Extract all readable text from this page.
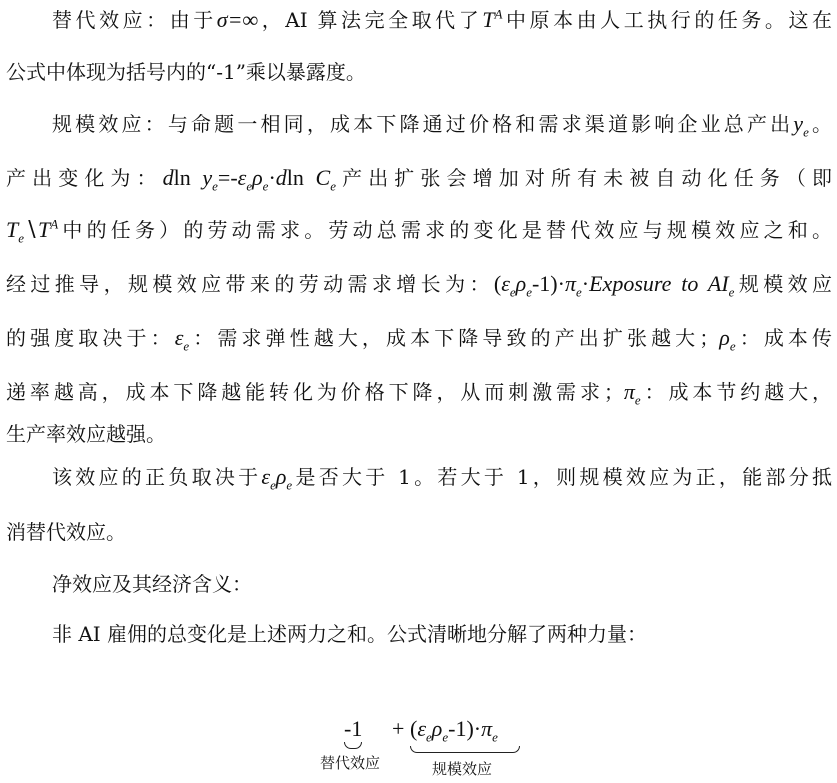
替代效应：由于σ=∞，AI 算法完全取代了$T^A$中原本由人工执行的任务。这在
公式中体现为括号内的“-1”乘以暴露度。
规模效应：与命题一相同，成本下降通过价格和需求渠道影响企业总产出$y_e$。
产出变化为：dln $y_e=-\varepsilon_e\rho_e\cdot dln$ $C_e$产出扩张会增加对所有未被自动化任务（即
$T_e∖T^A$中的任务）的劳动需求。劳动总需求的变化是替代效应与规模效应之和。
经过推导，规模效应带来的劳动需求增长为：$(\varepsilon_e\rho_e-1)\cdot\pi_e\cdot Exposure$ to $AI_e$规模效应
的强度取决于：$\varepsilon_e$：需求弹性越大，成本下降导致的产出扩张越大；$\rho_e$：成本传
递率越高，成本下降越能转化为价格下降，从而刺激需求；$\pi_e$：成本节约越大，
生产率效应越强。
该效应的正负取决于$\varepsilon_e\rho_e$是否大于 1。若大于 1，则规模效应为正，能部分抵
消替代效应。
净效应及其经济含义：
非 AI 雇佣的总变化是上述两力之和。公式清晰地分解了两种力量：
-1
替代效应
+ $(\varepsilon_e\rho_e-1)\cdot\pi_e$
规模效应
